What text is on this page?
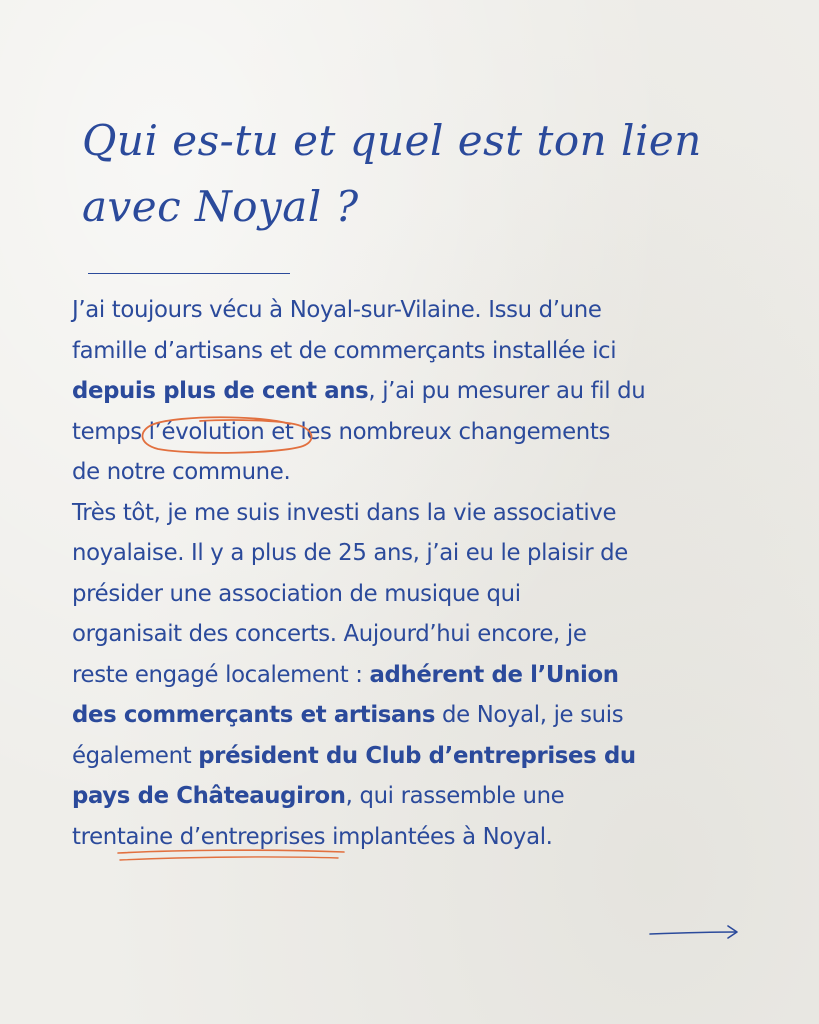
Qui es-tu et quel est ton lien
avec Noyal ?
J’ai toujours vécu à Noyal-sur-Vilaine. Issu d’une
famille d’artisans et de commerçants installée ici
depuis plus de cent ans, j’ai pu mesurer au fil du
temps l’évolution
et les nombreux changements
de notre commune.
Très tôt, je me suis investi dans la vie associative
noyalaise. Il y a plus de 25 ans, j’ai eu le plaisir de
présider une association de musique qui
organisait des concerts. Aujourd’hui encore, je
reste engagé localement : adhérent de l’Union
des commerçants et artisans de Noyal, je suis
également président du Club d’entreprises du
pays de Châteaugiron, qui rassemble une
trentaine d’entreprises
implantées à Noyal.
